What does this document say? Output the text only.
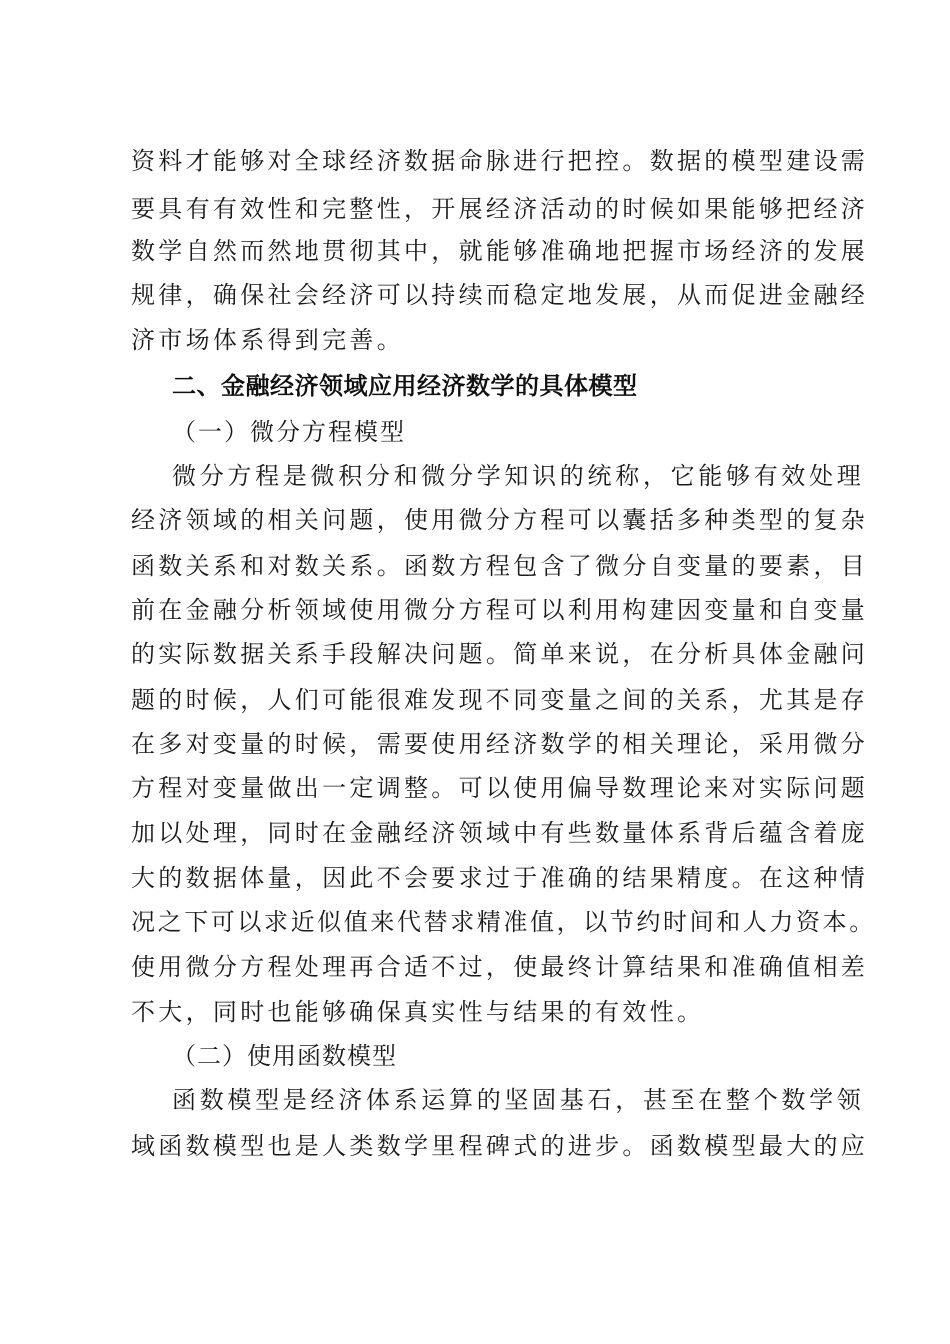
资料才能够对全球经济数据命脉进行把控。数据的模型建设需
要具有有效性和完整性，开展经济活动的时候如果能够把经济
数学自然而然地贯彻其中，就能够准确地把握市场经济的发展
规律，确保社会经济可以持续而稳定地发展，从而促进金融经
济市场体系得到完善。
二、金融经济领域应用经济数学的具体模型
（一）微分方程模型
微分方程是微积分和微分学知识的统称，它能够有效处理
经济领域的相关问题，使用微分方程可以囊括多种类型的复杂
函数关系和对数关系。函数方程包含了微分自变量的要素，目
前在金融分析领域使用微分方程可以利用构建因变量和自变量
的实际数据关系手段解决问题。简单来说，在分析具体金融问
题的时候，人们可能很难发现不同变量之间的关系，尤其是存
在多对变量的时候，需要使用经济数学的相关理论，采用微分
方程对变量做出一定调整。可以使用偏导数理论来对实际问题
加以处理，同时在金融经济领域中有些数量体系背后蕴含着庞
大的数据体量，因此不会要求过于准确的结果精度。在这种情
况之下可以求近似值来代替求精准值，以节约时间和人力资本。
使用微分方程处理再合适不过，使最终计算结果和准确值相差
不大，同时也能够确保真实性与结果的有效性。
（二）使用函数模型
函数模型是经济体系运算的坚固基石，甚至在整个数学领
域函数模型也是人类数学里程碑式的进步。函数模型最大的应
